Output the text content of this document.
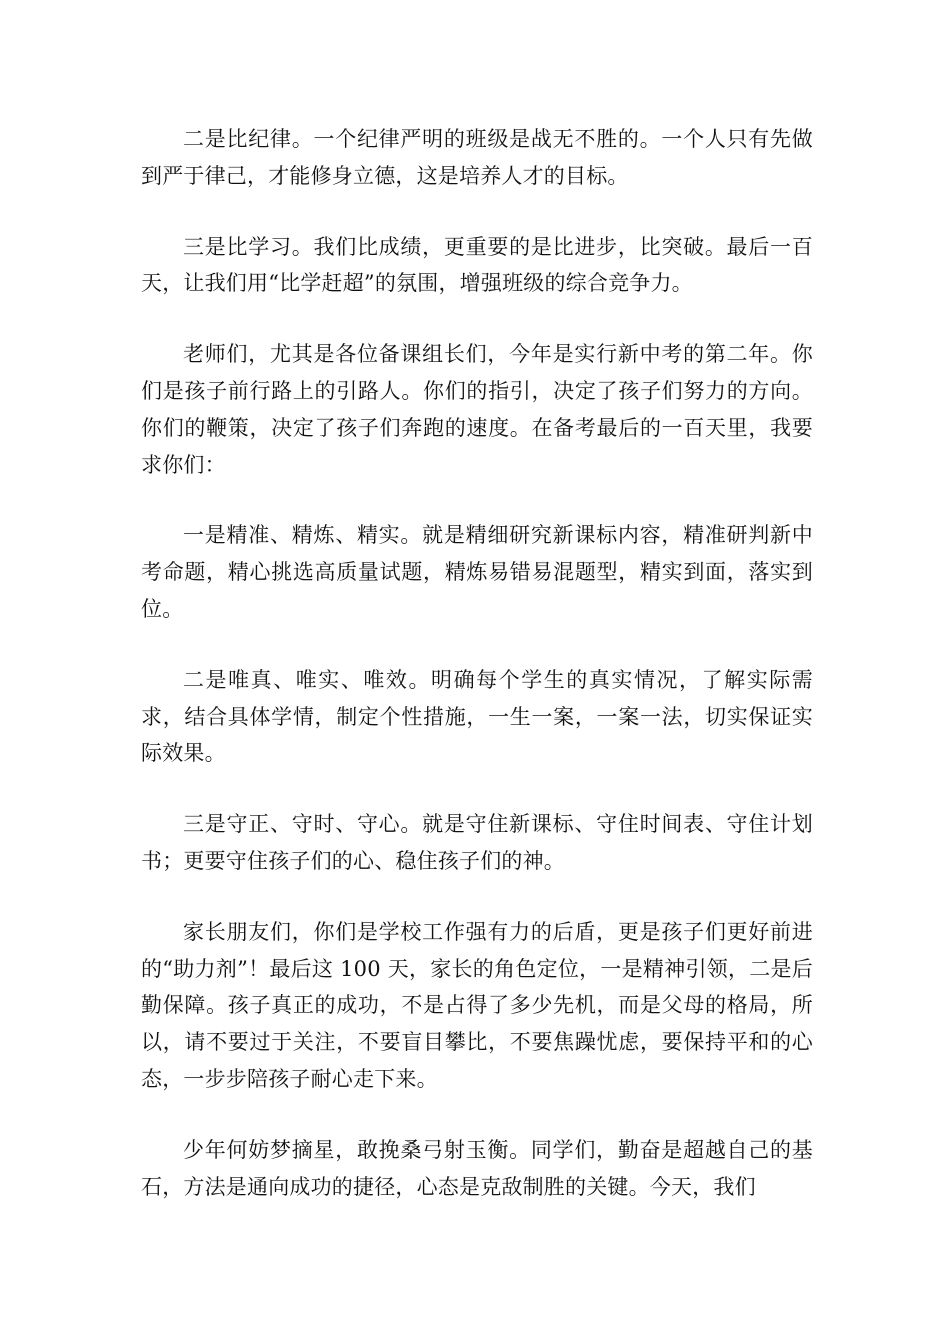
二是比纪律。一个纪律严明的班级是战无不胜的。一个人只有先做到严于律己，才能修身立德，这是培养人才的目标。

三是比学习。我们比成绩，更重要的是比进步，比突破。最后一百天，让我们用“比学赶超”的氛围，增强班级的综合竞争力。

老师们，尤其是各位备课组长们，今年是实行新中考的第二年。你们是孩子前行路上的引路人。你们的指引，决定了孩子们努力的方向。你们的鞭策，决定了孩子们奔跑的速度。在备考最后的一百天里，我要求你们：

一是精准、精炼、精实。就是精细研究新课标内容，精准研判新中考命题，精心挑选高质量试题，精炼易错易混题型，精实到面，落实到位。

二是唯真、唯实、唯效。明确每个学生的真实情况，了解实际需求，结合具体学情，制定个性措施，一生一案，一案一法，切实保证实际效果。

三是守正、守时、守心。就是守住新课标、守住时间表、守住计划书；更要守住孩子们的心、稳住孩子们的神。

家长朋友们，你们是学校工作强有力的后盾，更是孩子们更好前进的“助力剂”！最后这 100 天，家长的角色定位，一是精神引领，二是后勤保障。孩子真正的成功，不是占得了多少先机，而是父母的格局，所以，请不要过于关注，不要盲目攀比，不要焦躁忧虑，要保持平和的心态，一步步陪孩子耐心走下来。

少年何妨梦摘星，敢挽桑弓射玉衡。同学们，勤奋是超越自己的基石，方法是通向成功的捷径，心态是克敌制胜的关键。今天，我们
